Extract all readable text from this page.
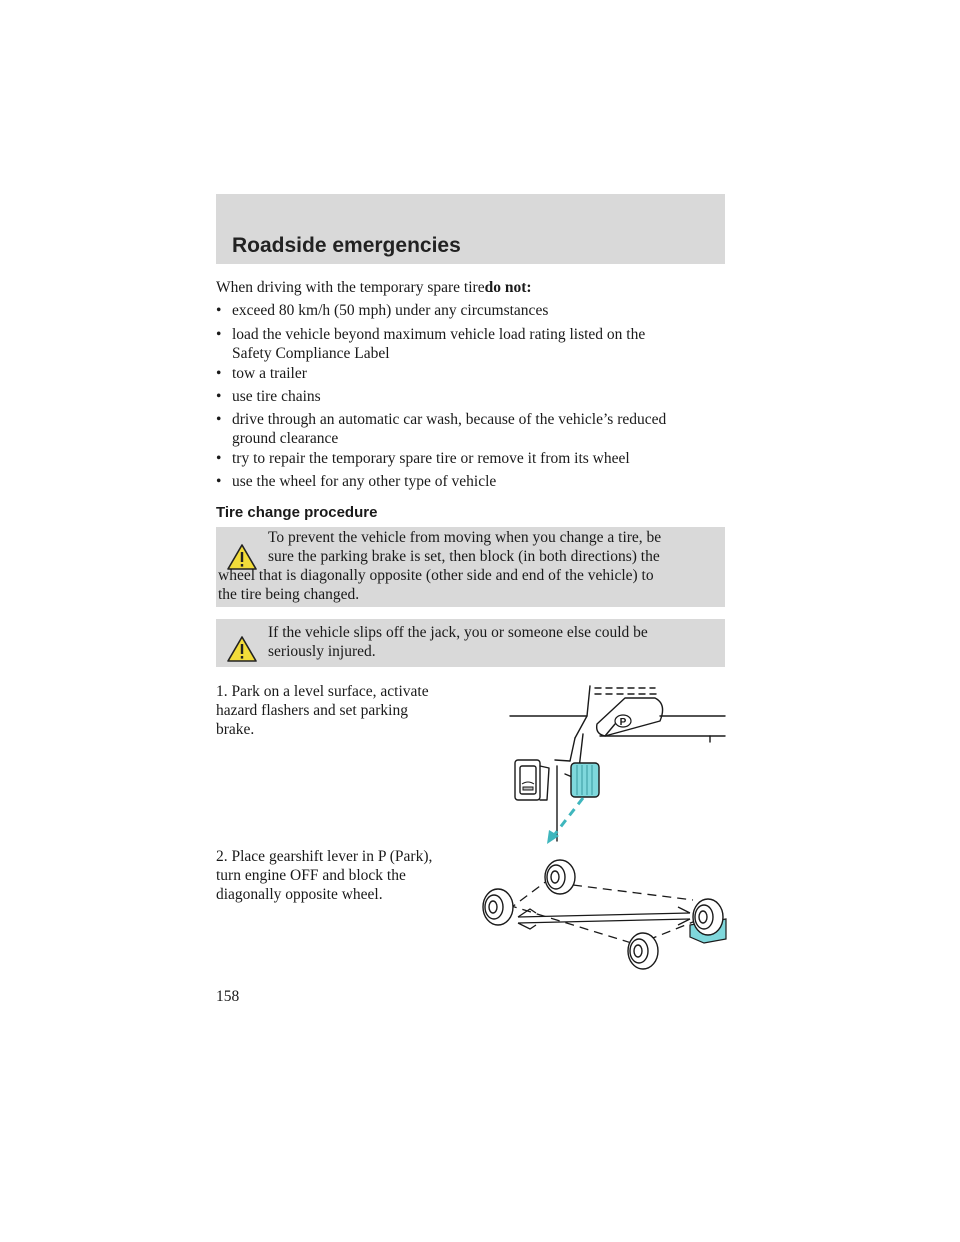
Roadside emergencies
When driving with the temporary spare tiredo not:
• exceed 80 km/h (50 mph) under any circumstances
• load the vehicle beyond maximum vehicle load rating listed on the
Safety Compliance Label
• tow a trailer
• use tire chains
• drive through an automatic car wash, because of the vehicle’s reduced
ground clearance
• try to repair the temporary spare tire or remove it from its wheel
• use the wheel for any other type of vehicle
Tire change procedure
To prevent the vehicle from moving when you change a tire, be
sure the parking brake is set, then block (in both directions) the
wheel that is diagonally opposite (other side and end of the vehicle) to
the tire being changed.
If the vehicle slips off the jack, you or someone else could be
seriously injured.
1. Park on a level surface, activate
hazard flashers and set parking
brake.
2. Place gearshift lever in P (Park),
turn engine OFF and block the
diagonally opposite wheel.
P
158
